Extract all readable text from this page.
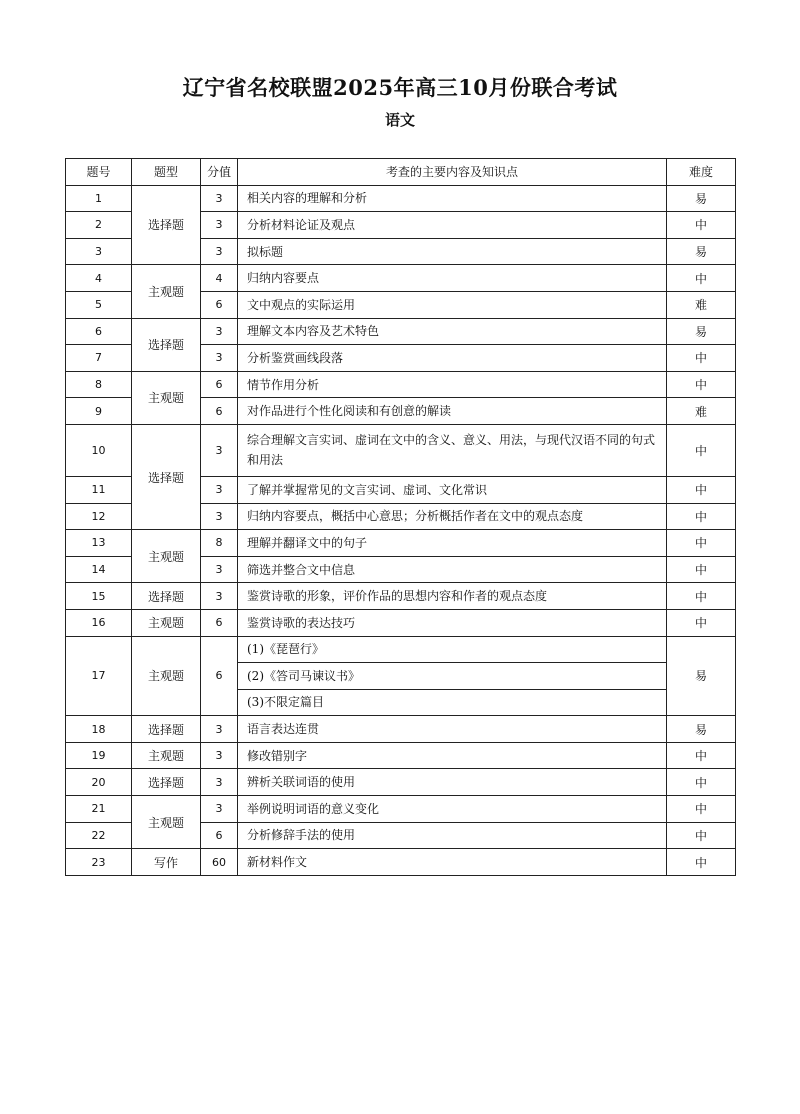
辽宁省名校联盟2025年高三10月份联合考试
语文
题号	题型	分值	考查的主要内容及知识点	难度
1	选择题	3	相关内容的理解和分析	易
2		3	分析材料论证及观点	中
3		3	拟标题	易
4	主观题	4	归纳内容要点	中
5		6	文中观点的实际运用	难
6	选择题	3	理解文本内容及艺术特色	易
7		3	分析鉴赏画线段落	中
8	主观题	6	情节作用分析	中
9		6	对作品进行个性化阅读和有创意的解读	难
10	选择题	3	综合理解文言实词、虚词在文中的含义、意义、用法，与现代汉语不同的句式和用法	中
11		3	了解并掌握常见的文言实词、虚词、文化常识	中
12		3	归纳内容要点，概括中心意思；分析概括作者在文中的观点态度	中
13	主观题	8	理解并翻译文中的句子	中
14		3	筛选并整合文中信息	中
15	选择题	3	鉴赏诗歌的形象，评价作品的思想内容和作者的观点态度	中
16	主观题	6	鉴赏诗歌的表达技巧	中
17	主观题	6	(1)《琵琶行》	易
			(2)《答司马谏议书》	
			(3)不限定篇目	
18	选择题	3	语言表达连贯	易
19	主观题	3	修改错别字	中
20	选择题	3	辨析关联词语的使用	中
21	主观题	3	举例说明词语的意义变化	中
22		6	分析修辞手法的使用	中
23	写作	60	新材料作文	中
